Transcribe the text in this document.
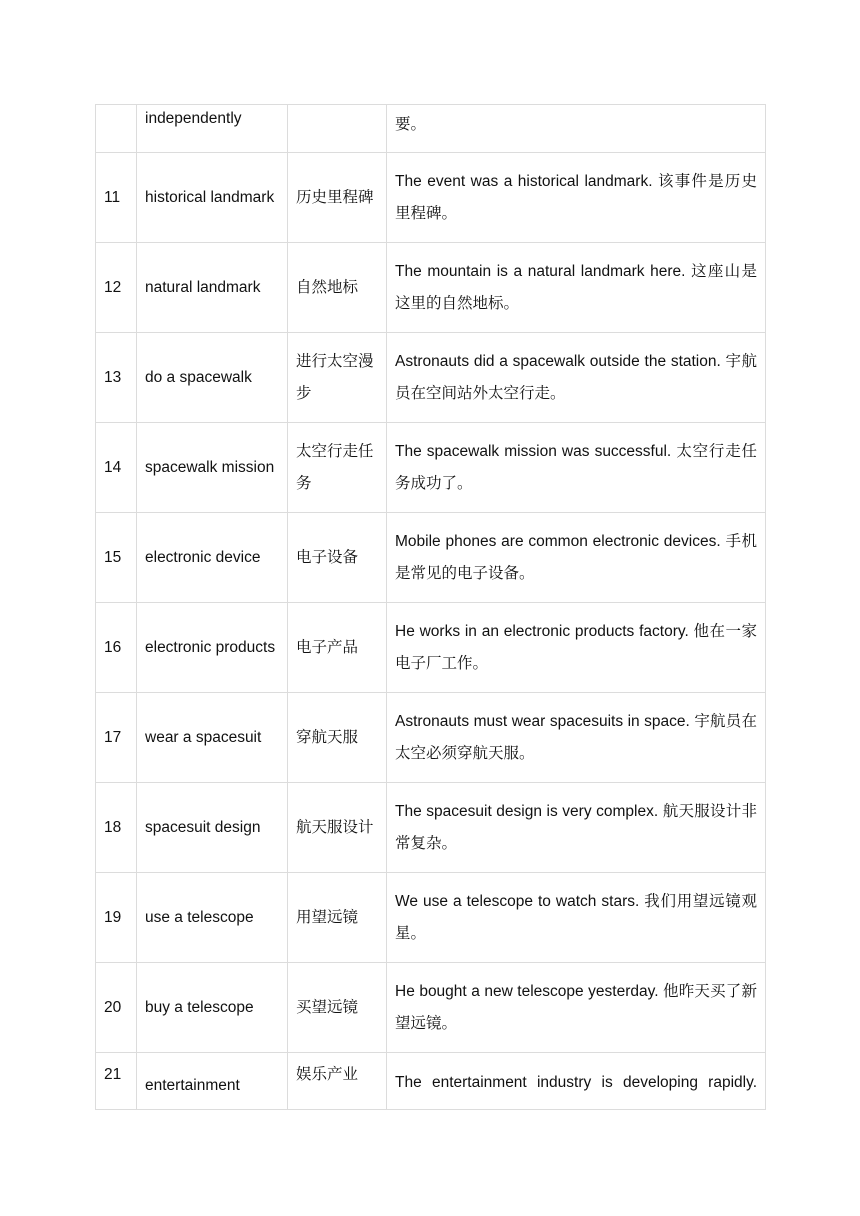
	independently		要。
11	historical landmark	历史里程碑	The event was a historical landmark. 该事件是历史里程碑。
12	natural landmark	自然地标	The mountain is a natural landmark here. 这座山是这里的自然地标。
13	do a spacewalk	进行太空漫步	Astronauts did a spacewalk outside the station. 宇航员在空间站外太空行走。
14	spacewalk mission	太空行走任务	The spacewalk mission was successful. 太空行走任务成功了。
15	electronic device	电子设备	Mobile phones are common electronic devices. 手机是常见的电子设备。
16	electronic products	电子产品	He works in an electronic products factory. 他在一家电子厂工作。
17	wear a spacesuit	穿航天服	Astronauts must wear spacesuits in space. 宇航员在太空必须穿航天服。
18	spacesuit design	航天服设计	The spacesuit design is very complex. 航天服设计非常复杂。
19	use a telescope	用望远镜	We use a telescope to watch stars. 我们用望远镜观星。
20	buy a telescope	买望远镜	He bought a new telescope yesterday. 他昨天买了新望远镜。
21	entertainment	娱乐产业	The entertainment industry is developing rapidly.
